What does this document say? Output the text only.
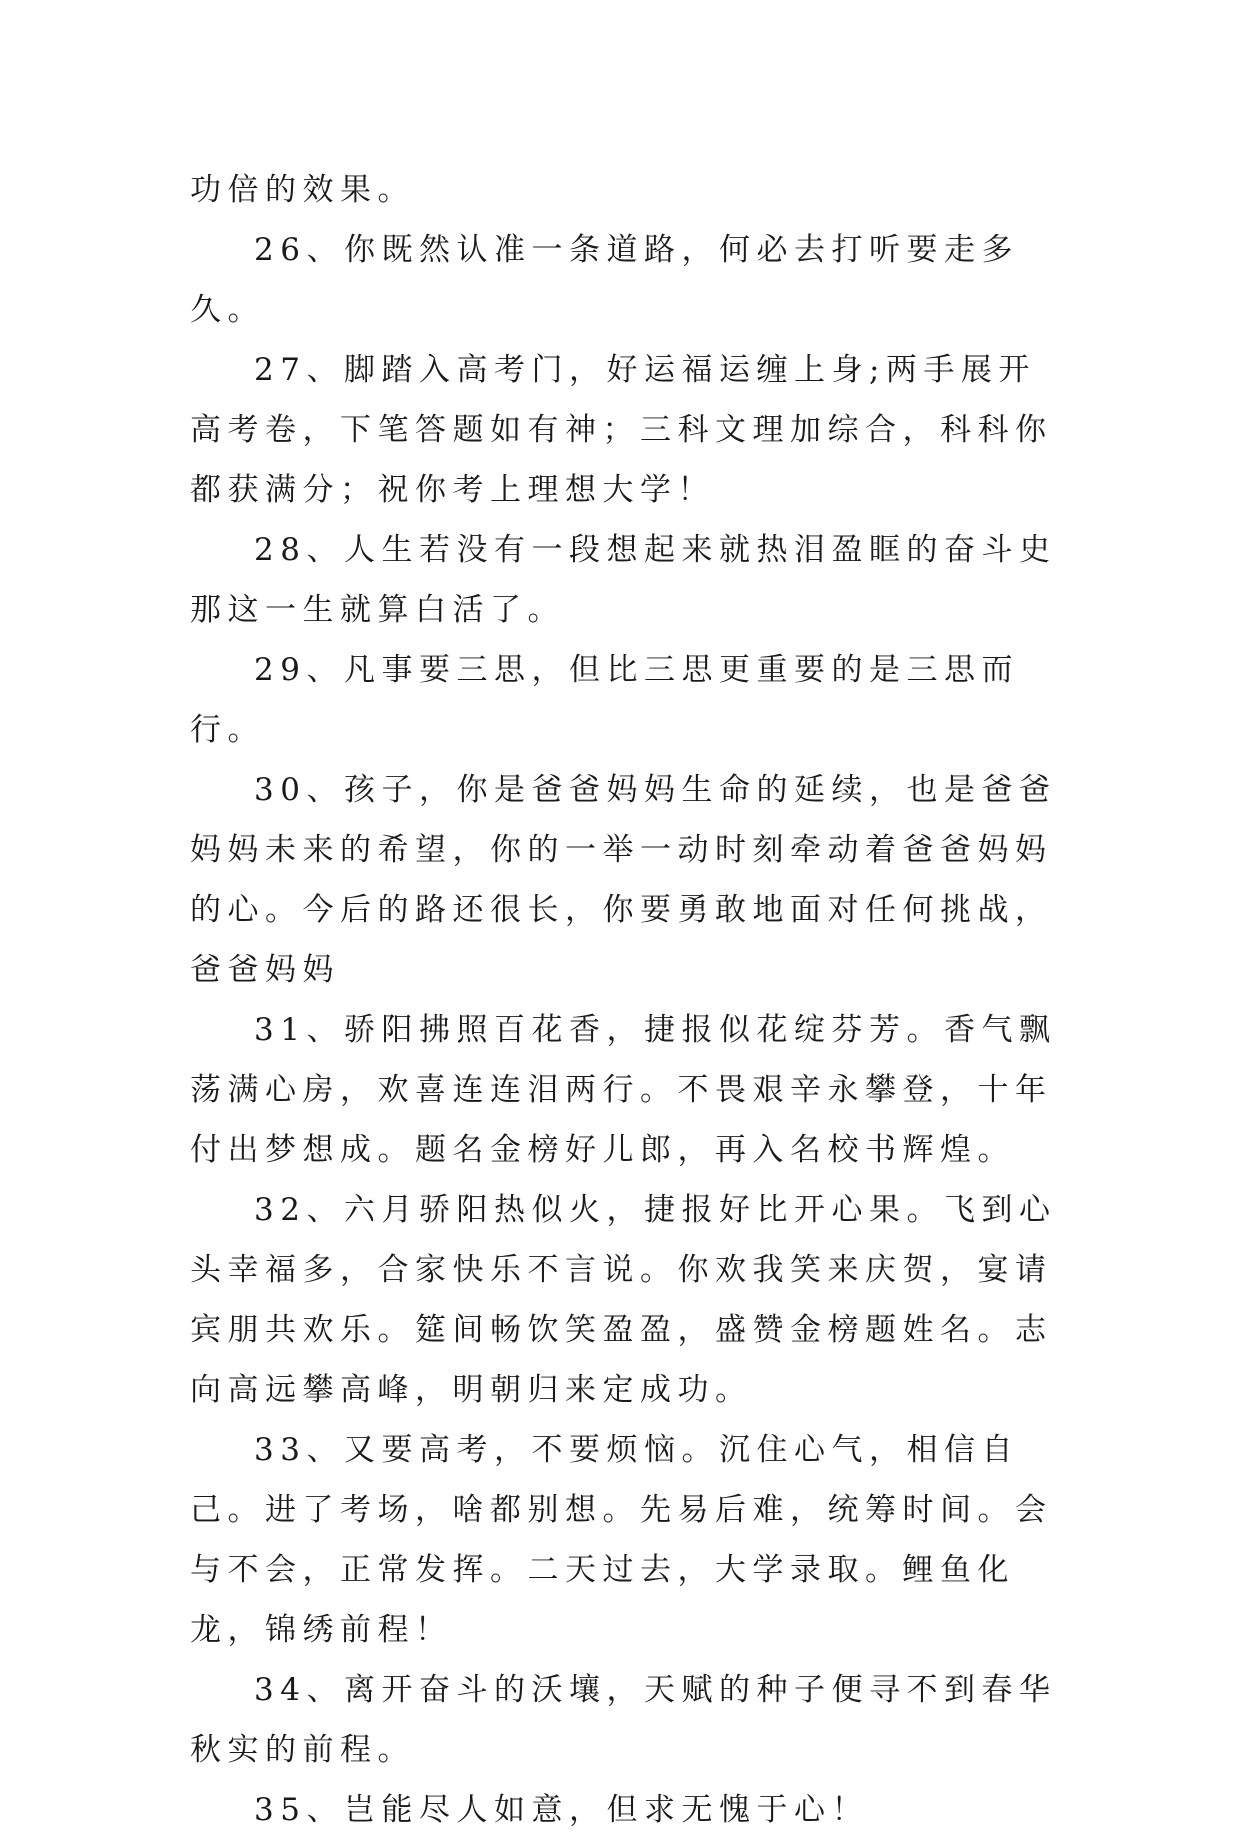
功倍的效果。

26、你既然认准一条道路，何必去打听要走多久。

27、脚踏入高考门，好运福运缠上身;两手展开高考卷，下笔答题如有神；三科文理加综合，科科你都获满分；祝你考上理想大学！

28、人生若没有一段想起来就热泪盈眶的奋斗史那这一生就算白活了。

29、凡事要三思，但比三思更重要的是三思而行。

30、孩子，你是爸爸妈妈生命的延续，也是爸爸妈妈未来的希望，你的一举一动时刻牵动着爸爸妈妈的心。今后的路还很长，你要勇敢地面对任何挑战，爸爸妈妈

31、骄阳拂照百花香，捷报似花绽芬芳。香气飘荡满心房，欢喜连连泪两行。不畏艰辛永攀登，十年付出梦想成。题名金榜好儿郎，再入名校书辉煌。

32、六月骄阳热似火，捷报好比开心果。飞到心头幸福多，合家快乐不言说。你欢我笑来庆贺，宴请宾朋共欢乐。筵间畅饮笑盈盈，盛赞金榜题姓名。志向高远攀高峰，明朝归来定成功。

33、又要高考，不要烦恼。沉住心气，相信自己。进了考场，啥都别想。先易后难，统筹时间。会与不会，正常发挥。二天过去，大学录取。鲤鱼化龙，锦绣前程！

34、离开奋斗的沃壤，天赋的种子便寻不到春华秋实的前程。

35、岂能尽人如意，但求无愧于心！
